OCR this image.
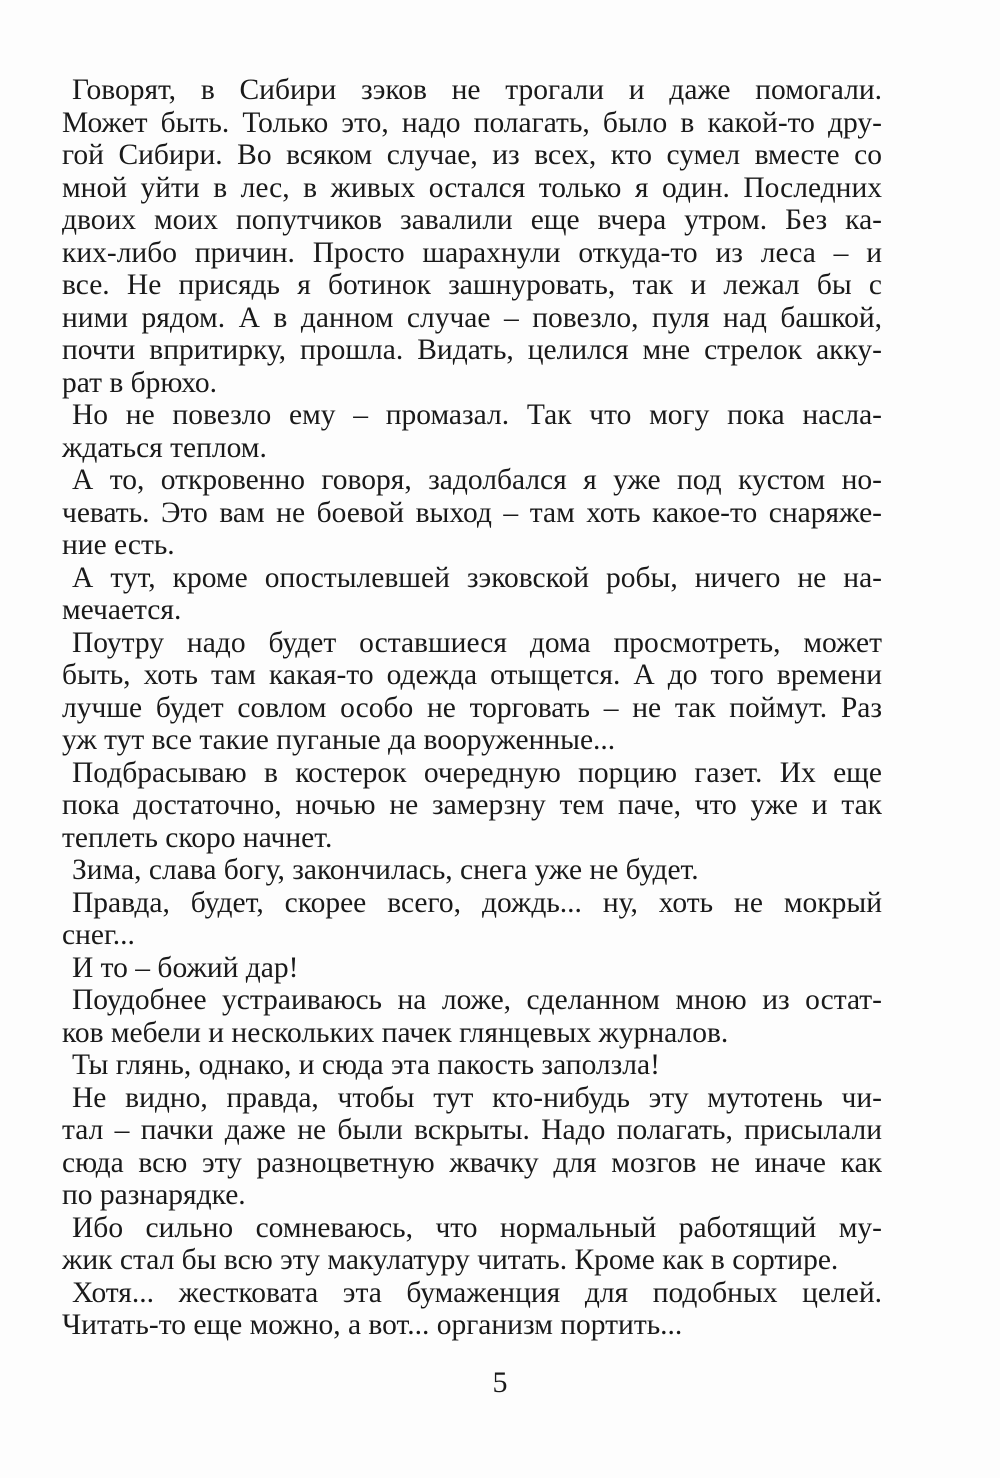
Говорят, в Сибири зэков не трогали и даже помогали.
Может быть. Только это, надо полагать, было в какой-то дру-
гой Сибири. Во всяком случае, из всех, кто сумел вместе со
мной уйти в лес, в живых остался только я один. Последних
двоих моих попутчиков завалили еще вчера утром. Без ка-
ких-либо причин. Просто шарахнули откуда-то из леса – и
все. Не присядь я ботинок зашнуровать, так и лежал бы с
ними рядом. А в данном случае – повезло, пуля над башкой,
почти впритирку, прошла. Видать, целился мне стрелок акку-
рат в брюхо.
Но не повезло ему – промазал. Так что могу пока насла-
ждаться теплом.
А то, откровенно говоря, задолбался я уже под кустом но-
чевать. Это вам не боевой выход – там хоть какое-то снаряже-
ние есть.
А тут, кроме опостылевшей зэковской робы, ничего не на-
мечается.
Поутру надо будет оставшиеся дома просмотреть, может
быть, хоть там какая-то одежда отыщется. А до того времени
лучше будет совлом особо не торговать – не так поймут. Раз
уж тут все такие пуганые да вооруженные...
Подбрасываю в костерок очередную порцию газет. Их еще
пока достаточно, ночью не замерзну тем паче, что уже и так
теплеть скоро начнет.
Зима, слава богу, закончилась, снега уже не будет.
Правда, будет, скорее всего, дождь... ну, хоть не мокрый
снег...
И то – божий дар!
Поудобнее устраиваюсь на ложе, сделанном мною из остат-
ков мебели и нескольких пачек глянцевых журналов.
Ты глянь, однако, и сюда эта пакость заползла!
Не видно, правда, чтобы тут кто-нибудь эту мутотень чи-
тал – пачки даже не были вскрыты. Надо полагать, присылали
сюда всю эту разноцветную жвачку для мозгов не иначе как
по разнарядке.
Ибо сильно сомневаюсь, что нормальный работящий му-
жик стал бы всю эту макулатуру читать. Кроме как в сортире.
Хотя... жестковата эта бумаженция для подобных целей.
Читать-то еще можно, а вот... организм портить...
5
